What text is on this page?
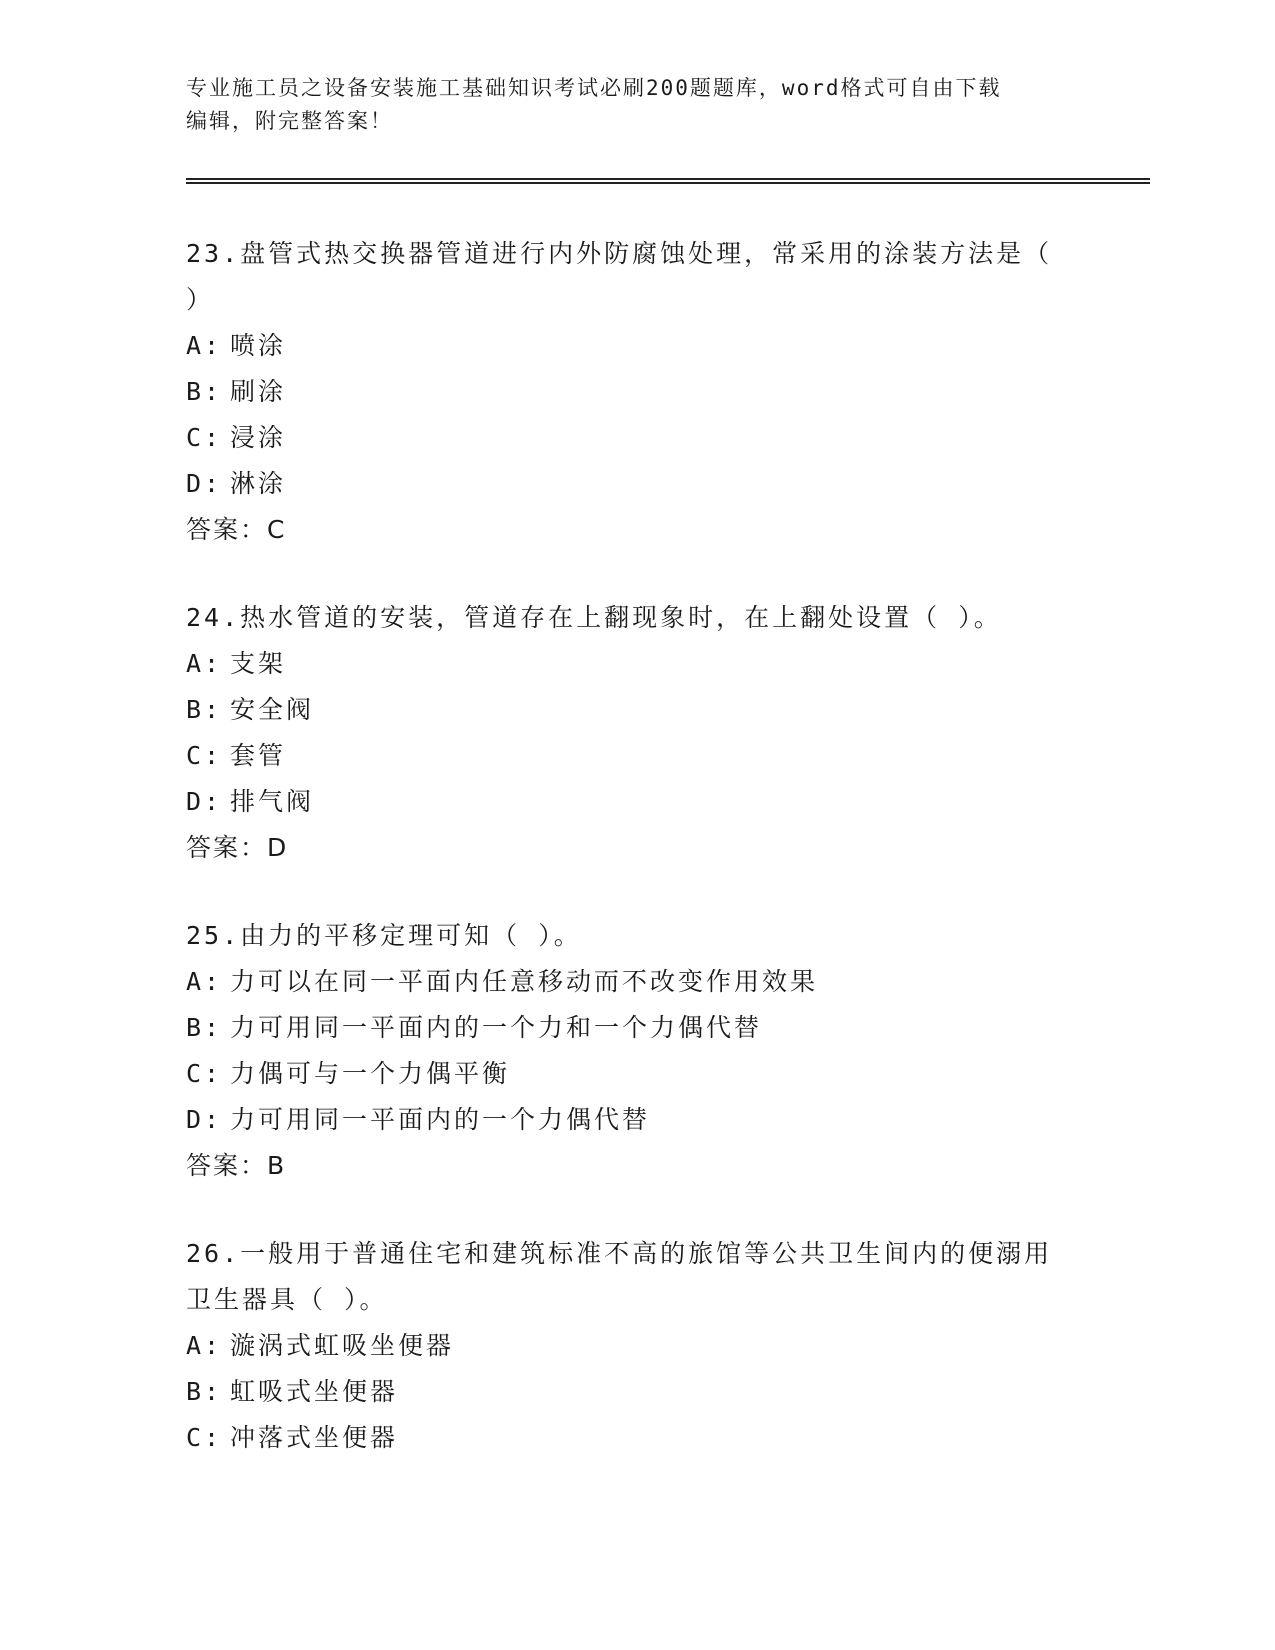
专业施工员之设备安装施工基础知识考试必刷200题题库，word格式可自由下载
编辑，附完整答案！
23.盘管式热交换器管道进行内外防腐蚀处理，常采用的涂装方法是（ ）
A: 喷涂
B: 刷涂
C: 浸涂
D: 淋涂
答案：C
24.热水管道的安装，管道存在上翻现象时，在上翻处设置（ ）。
A: 支架
B: 安全阀
C: 套管
D: 排气阀
答案：D
25.由力的平移定理可知（ ）。
A: 力可以在同一平面内任意移动而不改变作用效果
B: 力可用同一平面内的一个力和一个力偶代替
C: 力偶可与一个力偶平衡
D: 力可用同一平面内的一个力偶代替
答案：B
26.一般用于普通住宅和建筑标准不高的旅馆等公共卫生间内的便溺用卫生器具（ ）。
A: 漩涡式虹吸坐便器
B: 虹吸式坐便器
C: 冲落式坐便器
